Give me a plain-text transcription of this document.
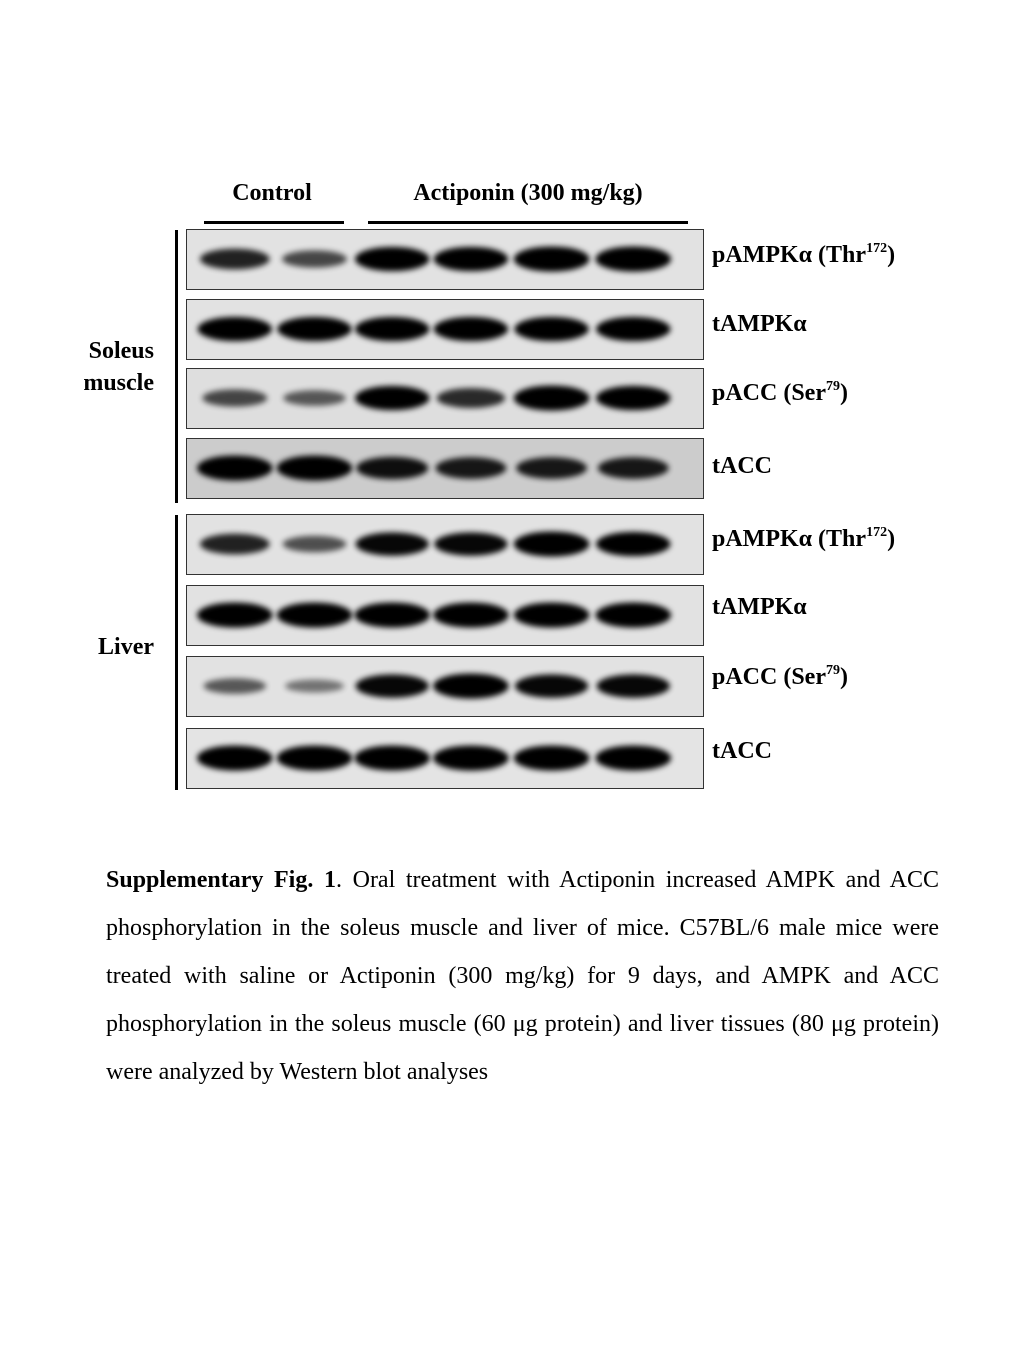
Control	Actiponin (300 mg/kg)
Soleus
muscle
Liver
pAMPKα (Thr$^{172}$)
tAMPKα
pACC (Ser$^{79}$)
tACC
pAMPKα (Thr$^{172}$)
tAMPKα
pACC (Ser$^{79}$)
tACC
Supplementary Fig. 1. Oral treatment with Actiponin increased AMPK and ACC phosphorylation in the soleus muscle and liver of mice. C57BL/6 male mice were treated with saline or Actiponin (300 mg/kg) for 9 days, and AMPK and ACC phosphorylation in the soleus muscle (60 μg protein) and liver tissues (80 μg protein) were analyzed by Western blot analyses
